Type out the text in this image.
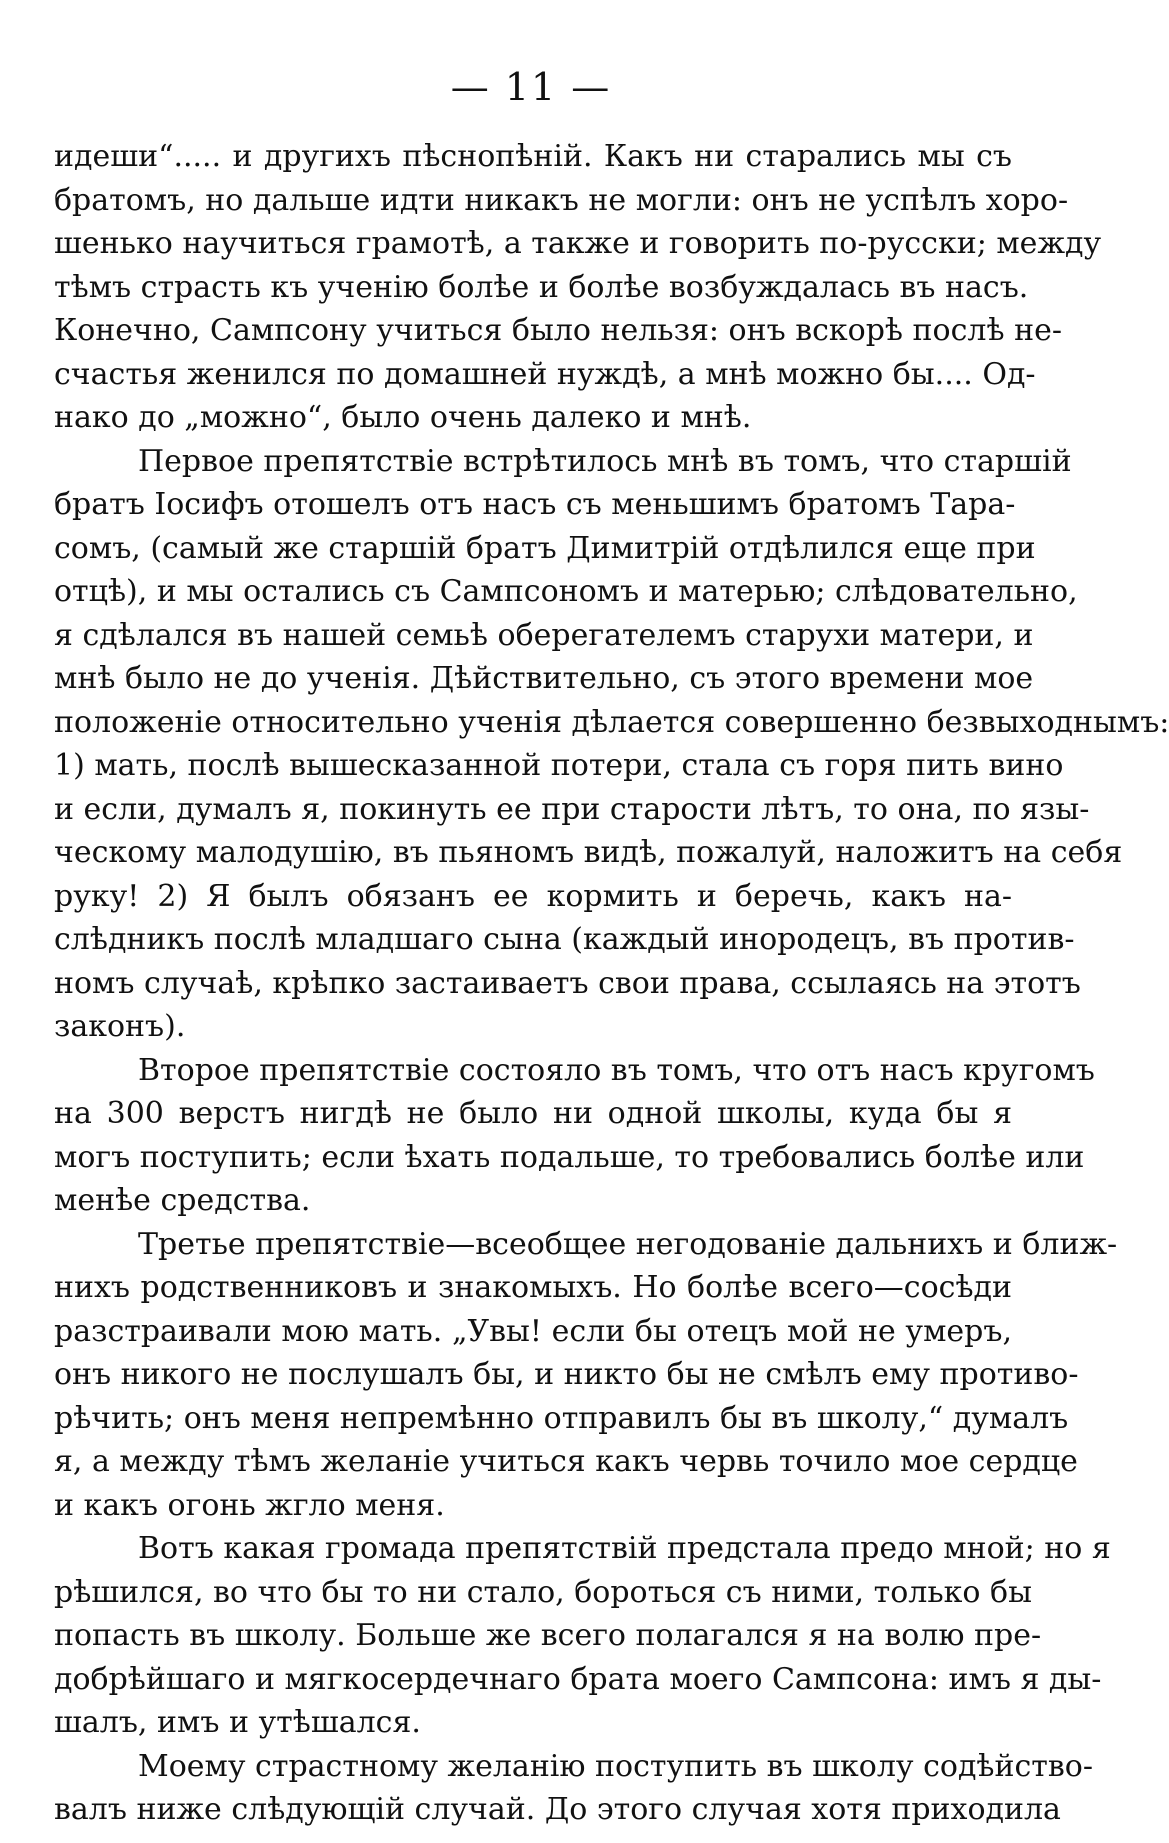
— 11 —
идеши“..... и другихъ пѣснопѣній. Какъ ни старались мы съ
братомъ, но дальше идти никакъ не могли: онъ не успѣлъ хоро-
шенько научиться грамотѣ, а также и говорить по-русски; между
тѣмъ страсть къ ученію болѣе и болѣе возбуждалась въ насъ.
Конечно, Сампсону учиться было нельзя: онъ вскорѣ послѣ не-
счастья женился по домашней нуждѣ, а мнѣ можно бы.... Од-
нако до „можно“, было очень далеко и мнѣ.
Первое препятствіе встрѣтилось мнѣ въ томъ, что старшій
братъ Іосифъ отошелъ отъ насъ съ меньшимъ братомъ Тара-
сомъ, (самый же старшій братъ Димитрій отдѣлился еще при
отцѣ), и мы остались съ Сампсономъ и матерью; слѣдовательно,
я сдѣлался въ нашей семьѣ оберегателемъ старухи матери, и
мнѣ было не до ученія. Дѣйствительно, съ этого времени мое
положеніе относительно ученія дѣлается совершенно безвыходнымъ:
1) мать, послѣ вышесказанной потери, стала съ горя пить вино
и если, думалъ я, покинуть ее при старости лѣтъ, то она, по язы-
ческому малодушію, въ пьяномъ видѣ, пожалуй, наложитъ на себя
руку! 2) Я былъ обязанъ ее кормить и беречь, какъ на-
слѣдникъ послѣ младшаго сына (каждый инородецъ, въ против-
номъ случаѣ, крѣпко застаиваетъ свои права, ссылаясь на этотъ
законъ).
Второе препятствіе состояло въ томъ, что отъ насъ кругомъ
на 300 верстъ нигдѣ не было ни одной школы, куда бы я
могъ поступить; если ѣхать подальше, то требовались болѣе или
менѣе средства.
Третье препятствіе—всеобщее негодованіе дальнихъ и ближ-
нихъ родственниковъ и знакомыхъ. Но болѣе всего—сосѣди
разстраивали мою мать. „Увы! если бы отецъ мой не умеръ,
онъ никого не послушалъ бы, и никто бы не смѣлъ ему противо-
рѣчить; онъ меня непремѣнно отправилъ бы въ школу,“ думалъ
я, а между тѣмъ желаніе учиться какъ червь точило мое сердце
и какъ огонь жгло меня.
Вотъ какая громада препятствій предстала предо мной; но я
рѣшился, во что бы то ни стало, бороться съ ними, только бы
попасть въ школу. Больше же всего полагался я на волю пре-
добрѣйшаго и мягкосердечнаго брата моего Сампсона: имъ я ды-
шалъ, имъ и утѣшался.
Моему страстному желанію поступить въ школу содѣйство-
валъ ниже слѣдующій случай. До этого случая хотя приходила
